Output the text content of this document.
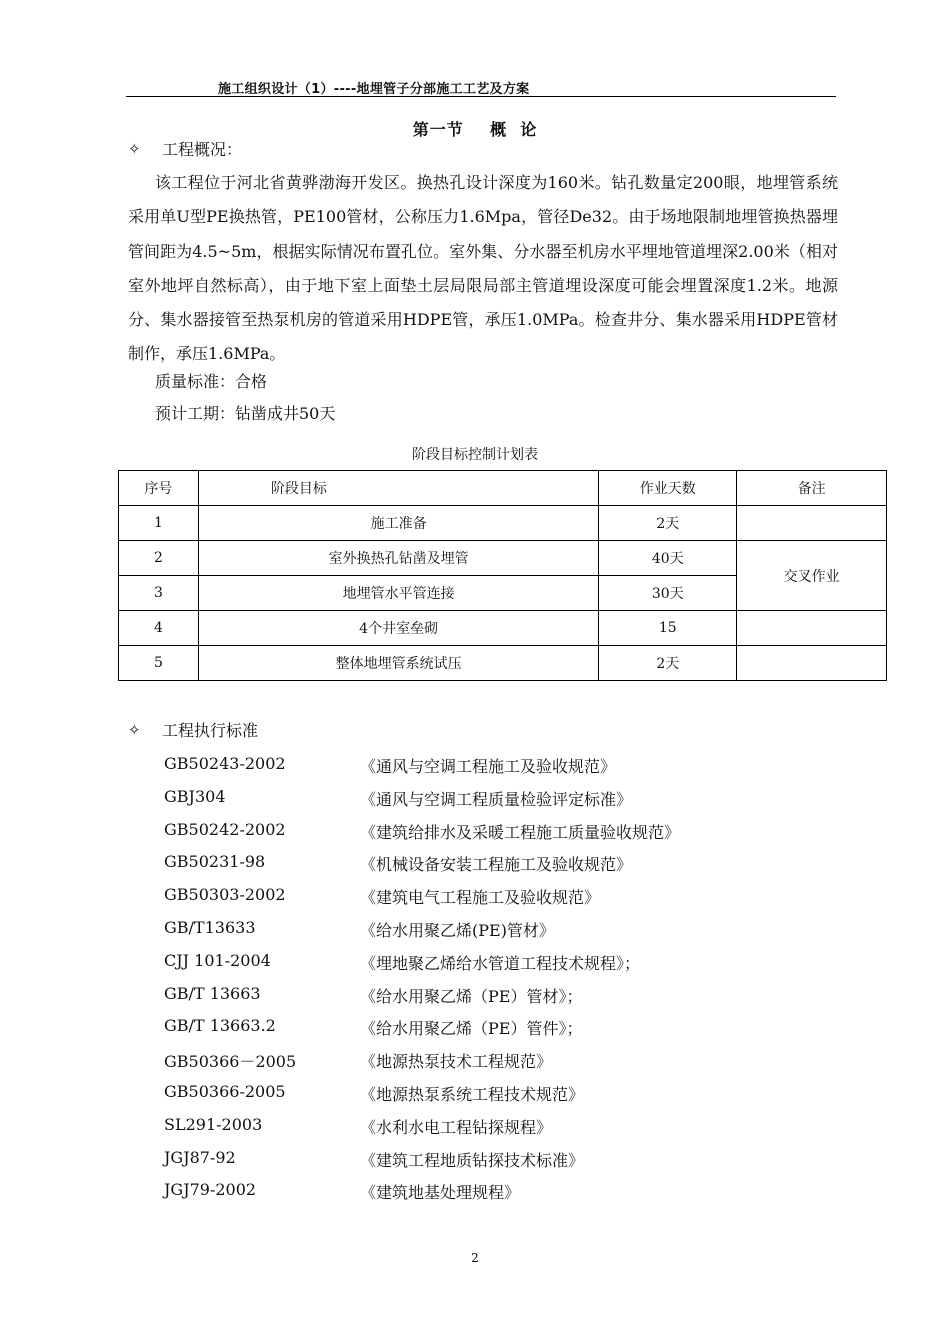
施工组织设计（1）----地埋管子分部施工工艺及方案
第一节    概  论
✧	工程概况：

该工程位于河北省黄骅渤海开发区。换热孔设计深度为160米。钻孔数量定200眼，地埋管系统采用单U型PE换热管，PE100管材，公称压力1.6Mpa，管径De32。由于场地限制地埋管换热器埋管间距为4.5~5m，根据实际情况布置孔位。室外集、分水器至机房水平埋地管道埋深2.00米（相对室外地坪自然标高），由于地下室上面垫土层局限局部主管道埋设深度可能会埋置深度1.2米。地源分、集水器接管至热泵机房的管道采用HDPE管，承压1.0MPa。检查井分、集水器采用HDPE管材制作，承压1.6MPa。

质量标准：合格
预计工期：钻凿成井50天
阶段目标控制计划表
序号	阶段目标	作业天数	备注
1	施工准备	2天	
2	室外换热孔钻凿及埋管	40天	交叉作业
3	地埋管水平管连接	30天	
4	4个井室垒砌	15	
5	整体地埋管系统试压	2天	
✧	工程执行标准
GB50243-2002	《通风与空调工程施工及验收规范》
GBJ304	《通风与空调工程质量检验评定标准》
GB50242-2002	《建筑给排水及采暖工程施工质量验收规范》
GB50231-98	《机械设备安装工程施工及验收规范》
GB50303-2002	《建筑电气工程施工及验收规范》
GB/T13633	《给水用聚乙烯(PE)管材》
CJJ 101-2004	《埋地聚乙烯给水管道工程技术规程》；
GB/T 13663	《给水用聚乙烯（PE）管材》；
GB/T 13663.2	《给水用聚乙烯（PE）管件》；
GB50366－2005	《地源热泵技术工程规范》
GB50366-2005	《地源热泵系统工程技术规范》
SL291-2003	《水利水电工程钻探规程》
JGJ87-92	《建筑工程地质钻探技术标准》
JGJ79-2002	《建筑地基处理规程》
2
